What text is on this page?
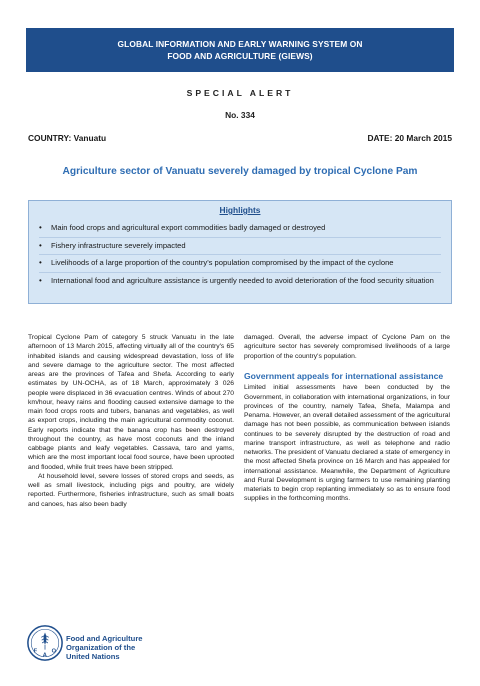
GLOBAL INFORMATION AND EARLY WARNING SYSTEM ON
FOOD AND AGRICULTURE (GIEWS)
SPECIAL ALERT
No. 334
COUNTRY: Vanuatu	DATE: 20 March 2015
Agriculture sector of Vanuatu severely damaged by tropical Cyclone Pam
Highlights
• Main food crops and agricultural export commodities badly damaged or destroyed
• Fishery infrastructure severely impacted
• Livelihoods of a large proportion of the country's population compromised by the impact of the cyclone
• International food and agriculture assistance is urgently needed to avoid deterioration of the food security situation

Tropical Cyclone Pam of category 5 struck Vanuatu in the late afternoon of 13 March 2015, affecting virtually all of the country's 65 inhabited islands and causing widespread devastation, loss of life and severe damage to the agriculture sector. The most affected areas are the provinces of Tafea and Shefa. According to early estimates by UN-OCHA, as of 18 March, approximately 3 026 people were displaced in 36 evacuation centres. Winds of about 270 km/hour, heavy rains and flooding caused extensive damage to the main food crops roots and tubers, bananas and vegetables, as well as export crops, including the main agricultural commodity coconut. Early reports indicate that the banana crop has been destroyed throughout the country, as have most coconuts and the inland cabbage plants and leafy vegetables. Cassava, taro and yams, which are the most important local food source, have been uprooted and flooded, while fruit trees have been stripped.

At household level, severe losses of stored crops and seeds, as well as small livestock, including pigs and poultry, are widely reported. Furthermore, fisheries infrastructure, such as small boats and canoes, has also been badly

damaged. Overall, the adverse impact of Cyclone Pam on the agriculture sector has severely compromised livelihoods of a large proportion of the country's population.

Government appeals for international assistance

Limited initial assessments have been conducted by the Government, in collaboration with international organizations, in four provinces of the country, namely Tafea, Shefa, Malampa and Penama. However, an overall detailed assessment of the agricultural damage has not been possible, as communication between islands continues to be severely disrupted by the destruction of road and marine transport infrastructure, as well as telephone and radio networks. The president of Vanuatu declared a state of emergency in the most affected Shefa province on 16 March and has appealed for international assistance. Meanwhile, the Department of Agriculture and Rural Development is urging farmers to use remaining planting materials to begin crop replanting immediately so as to ensure food supplies in the forthcoming months.

F
A
O
Food and Agriculture
Organization of the
United Nations
